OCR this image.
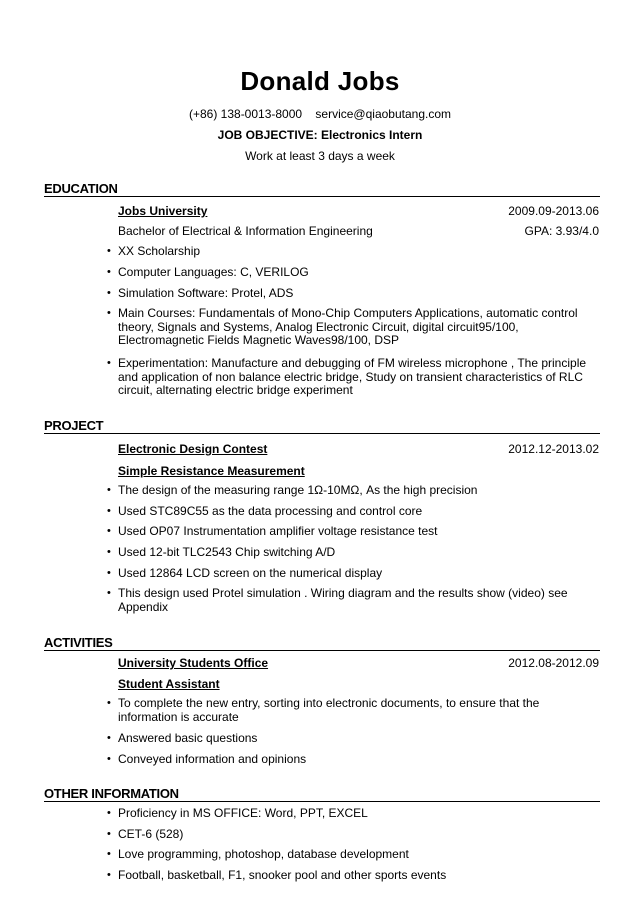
Donald Jobs
(+86) 138-0013-8000 service@qiaobutang.com
JOB OBJECTIVE: Electronics Intern
Work at least 3 days a week
EDUCATION
Jobs University	2009.09-2013.06
Bachelor of Electrical & Information Engineering	GPA: 3.93/4.0
• XX Scholarship
• Computer Languages: C, VERILOG
• Simulation Software: Protel, ADS
• Main Courses: Fundamentals of Mono-Chip Computers Applications, automatic control theory, Signals and Systems, Analog Electronic Circuit, digital circuit95/100, Electromagnetic Fields Magnetic Waves98/100, DSP
• Experimentation: Manufacture and debugging of FM wireless microphone , The principle and application of non balance electric bridge, Study on transient characteristics of RLC circuit, alternating electric bridge experiment
PROJECT
Electronic Design Contest	2012.12-2013.02
Simple Resistance Measurement
• The design of the measuring range 1Ω-10MΩ, As the high precision
• Used STC89C55 as the data processing and control core
• Used OP07 Instrumentation amplifier voltage resistance test
• Used 12-bit TLC2543 Chip switching A/D
• Used 12864 LCD screen on the numerical display
• This design used Protel simulation . Wiring diagram and the results show (video) see Appendix
ACTIVITIES
University Students Office	2012.08-2012.09
Student Assistant
• To complete the new entry, sorting into electronic documents, to ensure that the information is accurate
• Answered basic questions
• Conveyed information and opinions
OTHER INFORMATION
• Proficiency in MS OFFICE: Word, PPT, EXCEL
• CET-6 (528)
• Love programming, photoshop, database development
• Football, basketball, F1, snooker pool and other sports events
